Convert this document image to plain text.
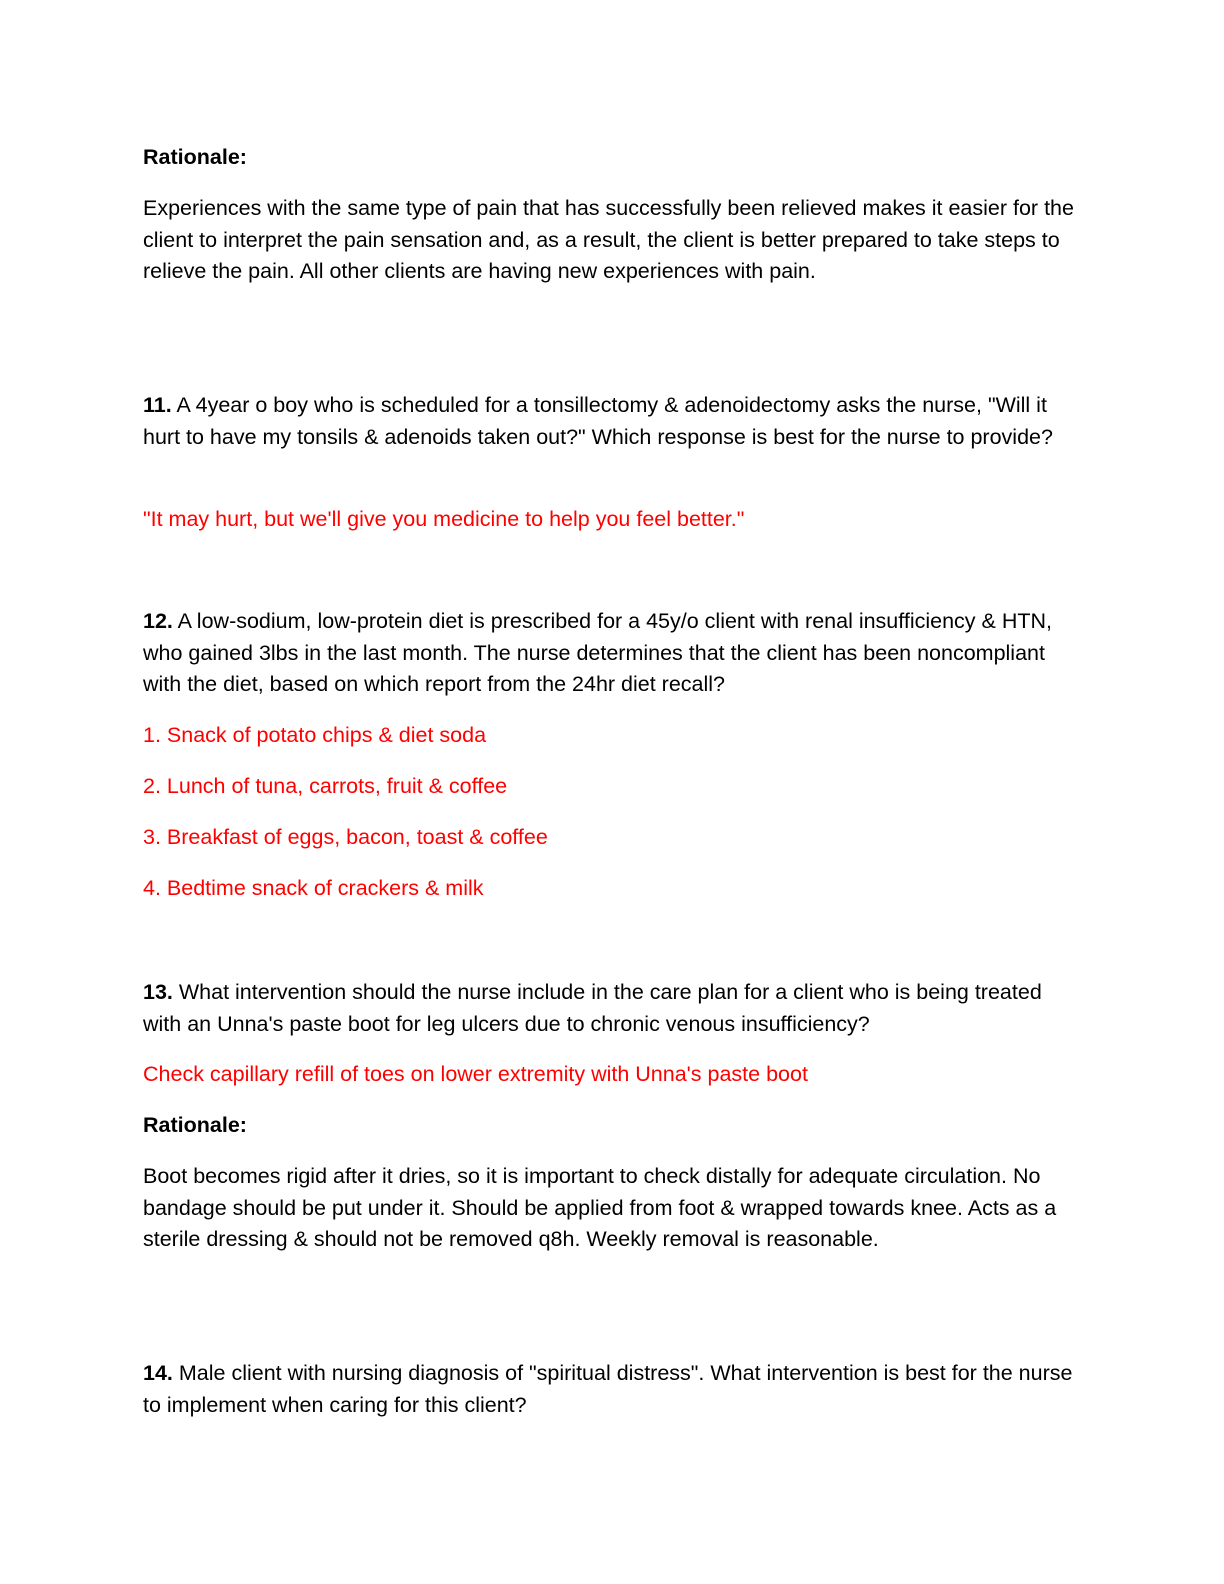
Rationale:

Experiences with the same type of pain that has successfully been relieved makes it easier for the client to interpret the pain sensation and, as a result, the client is better prepared to take steps to relieve the pain. All other clients are having new experiences with pain.

11. A 4year o boy who is scheduled for a tonsillectomy & adenoidectomy asks the nurse, "Will it hurt to have my tonsils & adenoids taken out?" Which response is best for the nurse to provide?

"It may hurt, but we'll give you medicine to help you feel better."

12. A low-sodium, low-protein diet is prescribed for a 45y/o client with renal insufficiency & HTN, who gained 3lbs in the last month. The nurse determines that the client has been noncompliant with the diet, based on which report from the 24hr diet recall?

1. Snack of potato chips & diet soda

2. Lunch of tuna, carrots, fruit & coffee

3. Breakfast of eggs, bacon, toast & coffee

4. Bedtime snack of crackers & milk

13. What intervention should the nurse include in the care plan for a client who is being treated with an Unna's paste boot for leg ulcers due to chronic venous insufficiency?

Check capillary refill of toes on lower extremity with Unna's paste boot

Rationale:

Boot becomes rigid after it dries, so it is important to check distally for adequate circulation. No bandage should be put under it. Should be applied from foot & wrapped towards knee. Acts as a sterile dressing & should not be removed q8h. Weekly removal is reasonable.

14. Male client with nursing diagnosis of "spiritual distress". What intervention is best for the nurse to implement when caring for this client?
